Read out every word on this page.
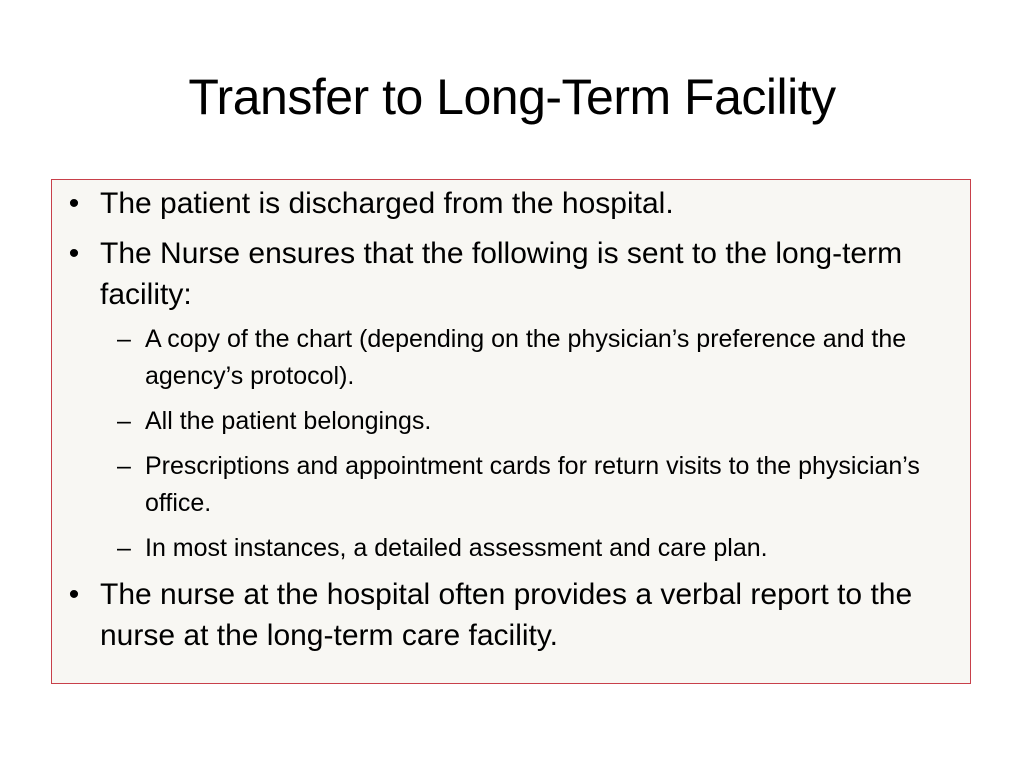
Transfer to Long-Term Facility
• The patient is discharged from the hospital.
• The Nurse ensures that the following is sent to the long-term facility:
– A copy of the chart (depending on the physician’s preference and the agency’s protocol).
– All the patient belongings.
– Prescriptions and appointment cards for return visits to the physician’s office.
– In most instances, a detailed assessment and care plan.
• The nurse at the hospital often provides a verbal report to the nurse at the long-term care facility.
